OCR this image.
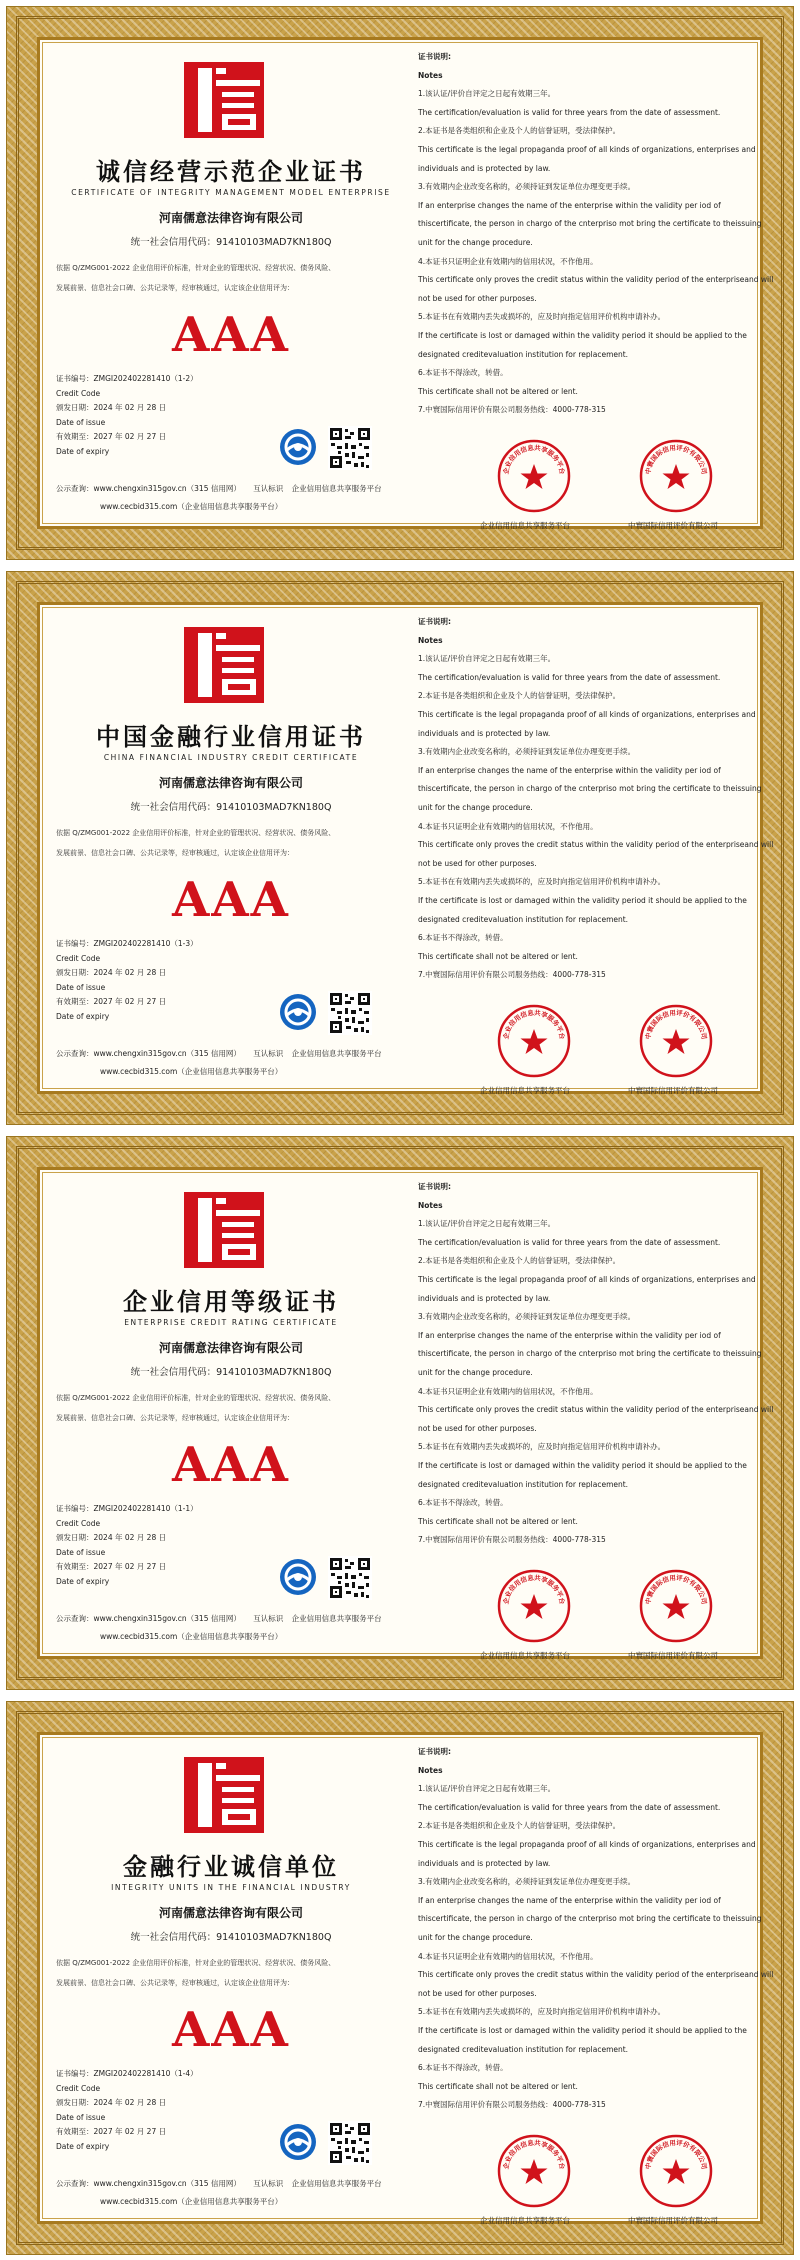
诚信经营示范企业证书
CERTIFICATE OF INTEGRITY MANAGEMENT MODEL ENTERPRISE
河南儒意法律咨询有限公司
统一社会信用代码：91410103MAD7KN180Q
依据 Q/ZMG001-2022 企业信用评价标准，针对企业的管理状况、经营状况、债务风险、
发展前景、信息社会口碑、公共记录等，经审核通过，认定该企业信用评为：
AAA
证书编号：ZMGI202402281410（1-2）
Credit Code
颁发日期：2024 年 02 月 28 日
Date of issue
有效期至：2027 年 02 月 27 日
Date of expiry
公示查询：www.chengxin315gov.cn（315 信用网） 互认标识 企业信用信息共享服务平台
www.cecbid315.com（企业信用信息共享服务平台）

证书说明:

Notes

1.该认证/评价自评定之日起有效期三年。

The certification/evaluation is valid for three years from the date of assessment.

2.本证书是各类组织和企业及个人的信誉证明，受法律保护。

This certificate is the legal propaganda proof of all kinds of organizations, enterprises and

individuals and is protected by law.

3.有效期内企业改变名称的，必须持证到发证单位办理变更手续。

If an enterprise changes the name of the enterprise within the validity per iod of

thiscertificate, the person in chargo of the cnterpriso mot bring the certificate to theissuing

unit for the change procedure.

4.本证书只证明企业有效期内的信用状况，不作他用。

This certificate only proves the credit status within the validity period of the enterpriseand will

not be used for other purposes.

5.本证书在有效期内丢失或损坏的，应及时向指定信用评价机构申请补办。

If the certificate is lost or damaged within the validity period it should be applied to the

designated creditevaluation institution for replacement.

6.本证书不得涂改，转借。

This certificate shall not be altered or lent.

7.中寰国际信用评价有限公司服务热线：4000-778-315

企业信用信息共享服务平台	中寰国际信用评价有限公司
企业信用信息共享服务平台	中寰国际信用评价有限公司
中国金融行业信用证书
CHINA FINANCIAL INDUSTRY CREDIT CERTIFICATE
河南儒意法律咨询有限公司
统一社会信用代码：91410103MAD7KN180Q
依据 Q/ZMG001-2022 企业信用评价标准，针对企业的管理状况、经营状况、债务风险、
发展前景、信息社会口碑、公共记录等，经审核通过，认定该企业信用评为：
AAA
证书编号：ZMGI202402281410（1-3）
Credit Code
颁发日期：2024 年 02 月 28 日
Date of issue
有效期至：2027 年 02 月 27 日
Date of expiry
公示查询：www.chengxin315gov.cn（315 信用网） 互认标识 企业信用信息共享服务平台
www.cecbid315.com（企业信用信息共享服务平台）

证书说明:

Notes

1.该认证/评价自评定之日起有效期三年。

The certification/evaluation is valid for three years from the date of assessment.

2.本证书是各类组织和企业及个人的信誉证明，受法律保护。

This certificate is the legal propaganda proof of all kinds of organizations, enterprises and

individuals and is protected by law.

3.有效期内企业改变名称的，必须持证到发证单位办理变更手续。

If an enterprise changes the name of the enterprise within the validity per iod of

thiscertificate, the person in chargo of the cnterpriso mot bring the certificate to theissuing

unit for the change procedure.

4.本证书只证明企业有效期内的信用状况，不作他用。

This certificate only proves the credit status within the validity period of the enterpriseand will

not be used for other purposes.

5.本证书在有效期内丢失或损坏的，应及时向指定信用评价机构申请补办。

If the certificate is lost or damaged within the validity period it should be applied to the

designated creditevaluation institution for replacement.

6.本证书不得涂改，转借。

This certificate shall not be altered or lent.

7.中寰国际信用评价有限公司服务热线：4000-778-315

企业信用信息共享服务平台	中寰国际信用评价有限公司
企业信用信息共享服务平台	中寰国际信用评价有限公司
企业信用等级证书
ENTERPRISE CREDIT RATING CERTIFICATE
河南儒意法律咨询有限公司
统一社会信用代码：91410103MAD7KN180Q
依据 Q/ZMG001-2022 企业信用评价标准，针对企业的管理状况、经营状况、债务风险、
发展前景、信息社会口碑、公共记录等，经审核通过，认定该企业信用评为：
AAA
证书编号：ZMGI202402281410（1-1）
Credit Code
颁发日期：2024 年 02 月 28 日
Date of issue
有效期至：2027 年 02 月 27 日
Date of expiry
公示查询：www.chengxin315gov.cn（315 信用网） 互认标识 企业信用信息共享服务平台
www.cecbid315.com（企业信用信息共享服务平台）

证书说明:

Notes

1.该认证/评价自评定之日起有效期三年。

The certification/evaluation is valid for three years from the date of assessment.

2.本证书是各类组织和企业及个人的信誉证明，受法律保护。

This certificate is the legal propaganda proof of all kinds of organizations, enterprises and

individuals and is protected by law.

3.有效期内企业改变名称的，必须持证到发证单位办理变更手续。

If an enterprise changes the name of the enterprise within the validity per iod of

thiscertificate, the person in chargo of the cnterpriso mot bring the certificate to theissuing

unit for the change procedure.

4.本证书只证明企业有效期内的信用状况，不作他用。

This certificate only proves the credit status within the validity period of the enterpriseand will

not be used for other purposes.

5.本证书在有效期内丢失或损坏的，应及时向指定信用评价机构申请补办。

If the certificate is lost or damaged within the validity period it should be applied to the

designated creditevaluation institution for replacement.

6.本证书不得涂改，转借。

This certificate shall not be altered or lent.

7.中寰国际信用评价有限公司服务热线：4000-778-315

企业信用信息共享服务平台	中寰国际信用评价有限公司
企业信用信息共享服务平台	中寰国际信用评价有限公司
金融行业诚信单位
INTEGRITY UNITS IN THE FINANCIAL INDUSTRY
河南儒意法律咨询有限公司
统一社会信用代码：91410103MAD7KN180Q
依据 Q/ZMG001-2022 企业信用评价标准，针对企业的管理状况、经营状况、债务风险、
发展前景、信息社会口碑、公共记录等，经审核通过，认定该企业信用评为：
AAA
证书编号：ZMGI202402281410（1-4）
Credit Code
颁发日期：2024 年 02 月 28 日
Date of issue
有效期至：2027 年 02 月 27 日
Date of expiry
公示查询：www.chengxin315gov.cn（315 信用网） 互认标识 企业信用信息共享服务平台
www.cecbid315.com（企业信用信息共享服务平台）

证书说明:

Notes

1.该认证/评价自评定之日起有效期三年。

The certification/evaluation is valid for three years from the date of assessment.

2.本证书是各类组织和企业及个人的信誉证明，受法律保护。

This certificate is the legal propaganda proof of all kinds of organizations, enterprises and

individuals and is protected by law.

3.有效期内企业改变名称的，必须持证到发证单位办理变更手续。

If an enterprise changes the name of the enterprise within the validity per iod of

thiscertificate, the person in chargo of the cnterpriso mot bring the certificate to theissuing

unit for the change procedure.

4.本证书只证明企业有效期内的信用状况，不作他用。

This certificate only proves the credit status within the validity period of the enterpriseand will

not be used for other purposes.

5.本证书在有效期内丢失或损坏的，应及时向指定信用评价机构申请补办。

If the certificate is lost or damaged within the validity period it should be applied to the

designated creditevaluation institution for replacement.

6.本证书不得涂改，转借。

This certificate shall not be altered or lent.

7.中寰国际信用评价有限公司服务热线：4000-778-315

企业信用信息共享服务平台	中寰国际信用评价有限公司
企业信用信息共享服务平台	中寰国际信用评价有限公司
